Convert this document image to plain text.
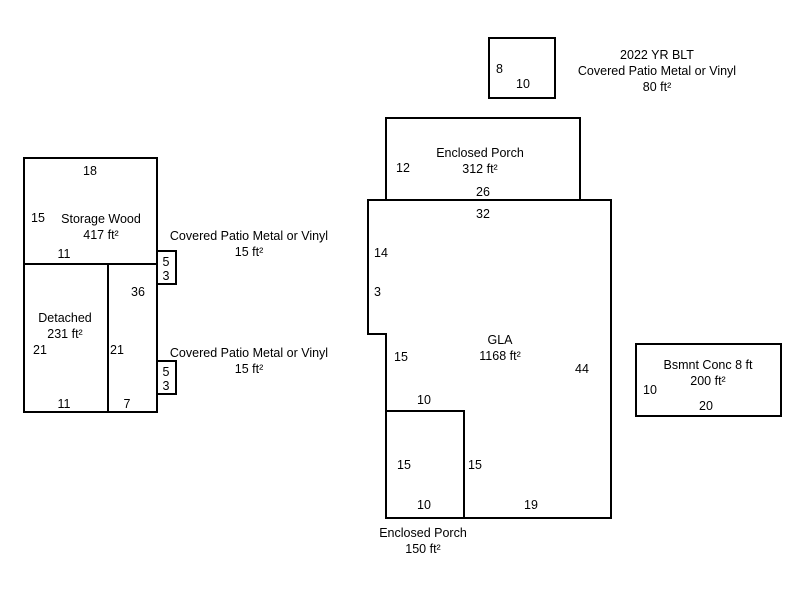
8
10
2022 YR BLT
Covered Patio Metal or Vinyl
80 ft²
18
15 Storage Wood
417 ft²
11
Detached
231 ft²
21	21
11	7
36
5
3
Covered Patio Metal or Vinyl
15 ft²
5
3
Covered Patio Metal or Vinyl
15 ft²
12
Enclosed Porch
312 ft²
26
32
14
3
15
GLA
1168 ft²
44
10
19
15	15
10
Enclosed Porch
150 ft²
Bsmnt Conc 8 ft
200 ft²
10
20
